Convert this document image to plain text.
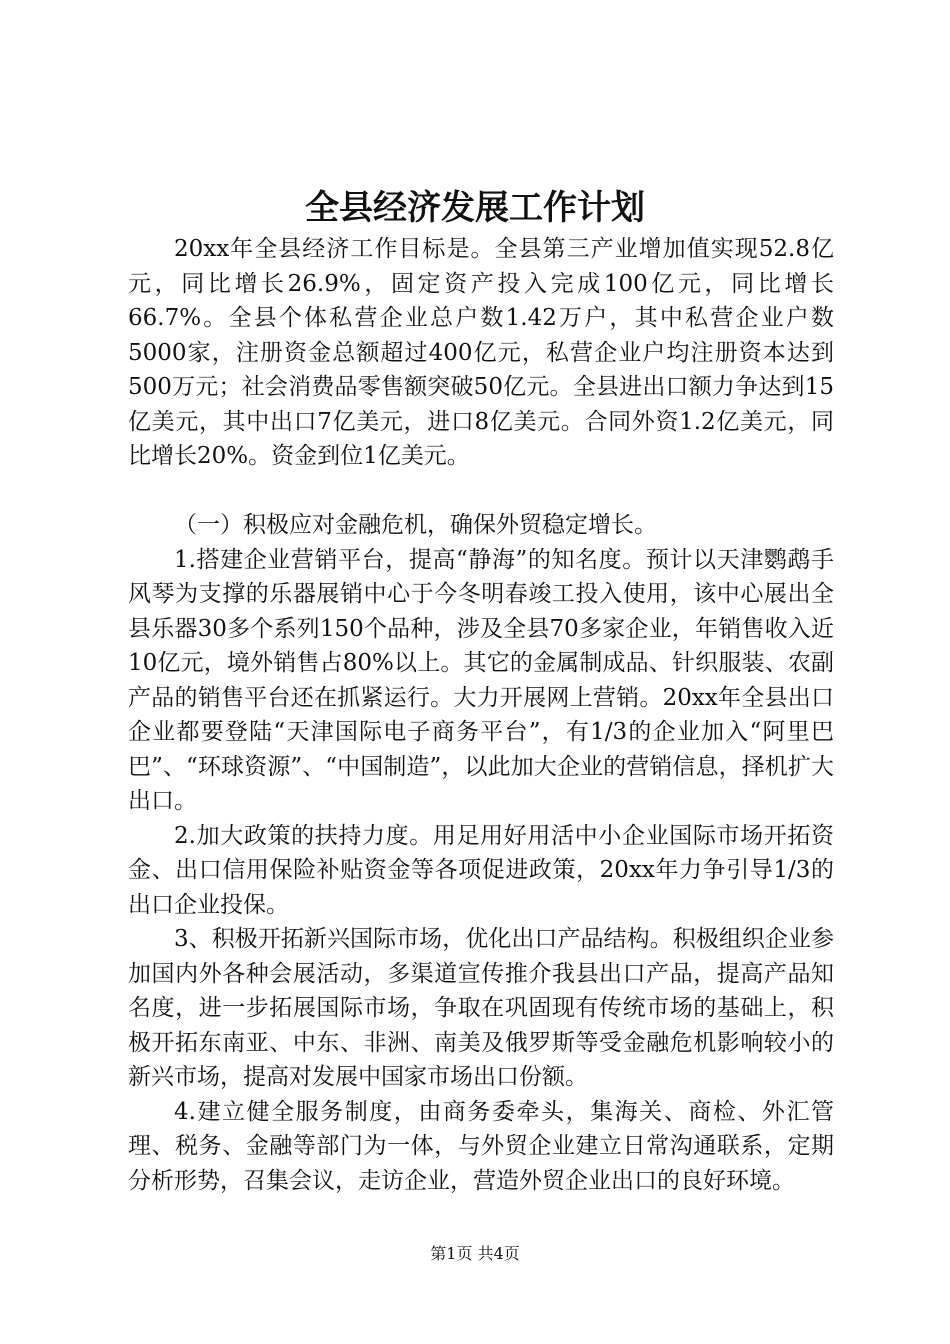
全县经济发展工作计划

20xx年全县经济工作目标是。全县第三产业增加值实现52.8亿元，同比增长26.9%，固定资产投入完成100亿元，同比增长66.7%。全县个体私营企业总户数1.42万户，其中私营企业户数5000家，注册资金总额超过400亿元，私营企业户均注册资本达到500万元；社会消费品零售额突破50亿元。全县进出口额力争达到15亿美元，其中出口7亿美元，进口8亿美元。合同外资1.2亿美元，同比增长20%。资金到位1亿美元。

（一）积极应对金融危机，确保外贸稳定增长。

1.搭建企业营销平台，提高“静海”的知名度。预计以天津鹦鹉手风琴为支撑的乐器展销中心于今冬明春竣工投入使用，该中心展出全县乐器30多个系列150个品种，涉及全县70多家企业，年销售收入近10亿元，境外销售占80%以上。其它的金属制成品、针织服装、农副产品的销售平台还在抓紧运行。大力开展网上营销。20xx年全县出口企业都要登陆“天津国际电子商务平台”，有1/3的企业加入“阿里巴巴”、“环球资源”、“中国制造”，以此加大企业的营销信息，择机扩大出口。

2.加大政策的扶持力度。用足用好用活中小企业国际市场开拓资金、出口信用保险补贴资金等各项促进政策，20xx年力争引导1/3的出口企业投保。

3、积极开拓新兴国际市场，优化出口产品结构。积极组织企业参加国内外各种会展活动，多渠道宣传推介我县出口产品，提高产品知名度，进一步拓展国际市场，争取在巩固现有传统市场的基础上，积极开拓东南亚、中东、非洲、南美及俄罗斯等受金融危机影响较小的新兴市场，提高对发展中国家市场出口份额。

4.建立健全服务制度，由商务委牵头，集海关、商检、外汇管理、税务、金融等部门为一体，与外贸企业建立日常沟通联系，定期分析形势，召集会议，走访企业，营造外贸企业出口的良好环境。

第1页 共4页
